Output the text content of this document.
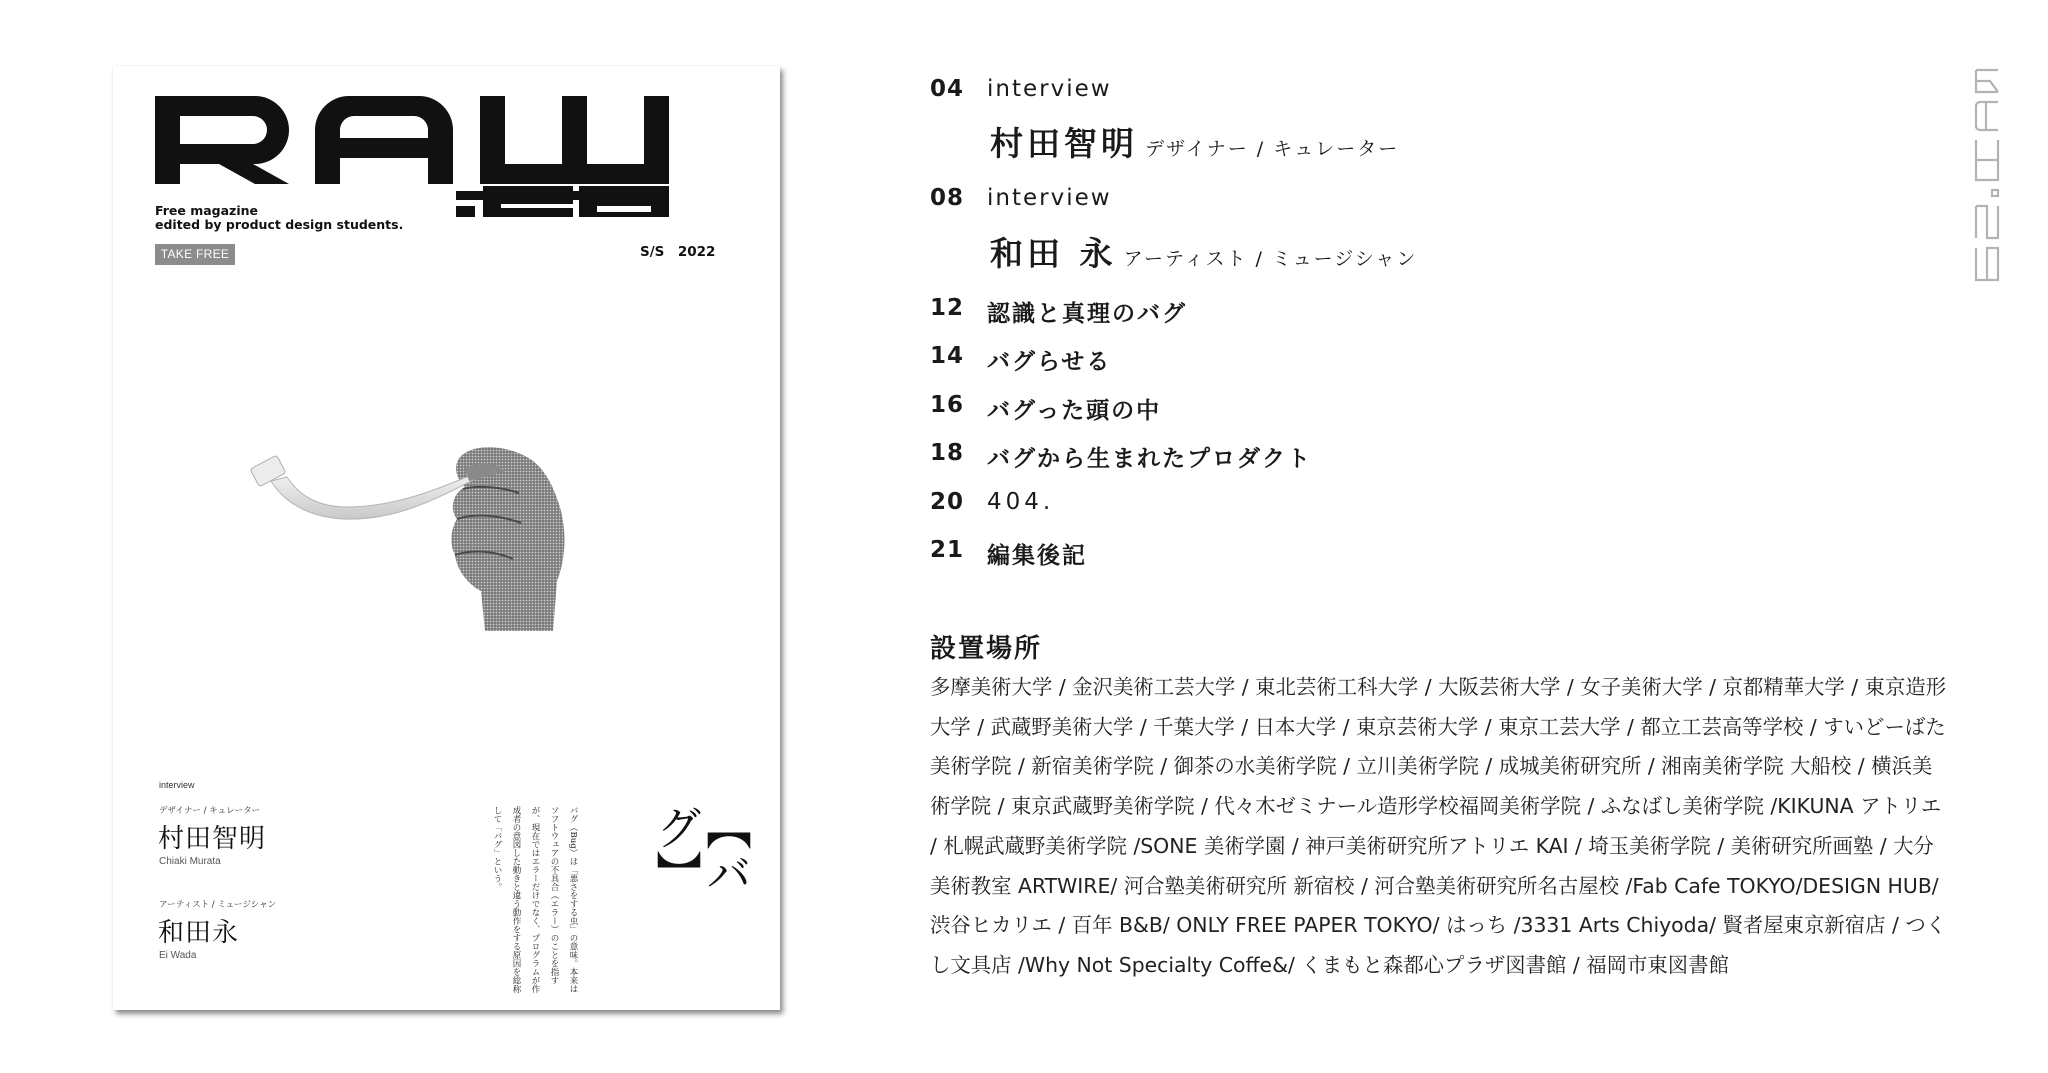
Free magazine
edited by product design students.
TAKE FREE	S/S　2022
interview
デザイナー / キュレーター
村田智明
Chiaki Murata
アーティスト / ミュージシャン
和田永
Ei Wada	バグ（Bug）は「悪さをする虫」の意味。本来はソフトウェアの不具合（エラー）のことを指すが、現在ではエラーだけでなく、プログラムが作成者の意図した動きと違う動作をする原因を総称して「バグ」という。	【バグ】
04 interview
村田智明 デザイナー / キュレーター
08 interview
和田 永 アーティスト / ミュージシャン
12 認識と真理のバグ
14 バグらせる
16 バグった頭の中
18 バグから生まれたプロダクト
20 404.
21 編集後記
設置場所

多摩美術大学 / 金沢美術工芸大学 / 東北芸術工科大学 / 大阪芸術大学 / 女子美術大学 / 京都精華大学 / 東京造形大学 / 武蔵野美術大学 / 千葉大学 / 日本大学 / 東京芸術大学 / 東京工芸大学 / 都立工芸高等学校 / すいどーばた美術学院 / 新宿美術学院 / 御茶の水美術学院 / 立川美術学院 / 成城美術研究所 / 湘南美術学院 大船校 / 横浜美術学院 / 東京武蔵野美術学院 / 代々木ゼミナール造形学校福岡美術学院 / ふなばし美術学院 /KIKUNA アトリエ / 札幌武蔵野美術学院 /SONE 美術学園 / 神戸美術研究所アトリエ KAI / 埼玉美術学院 / 美術研究所画塾 / 大分美術教室 ARTWIRE/ 河合塾美術研究所 新宿校 / 河合塾美術研究所名古屋校 /Fab Cafe TOKYO/DESIGN HUB/ 渋谷ヒカリエ / 百年 B&B/ ONLY FREE PAPER TOKYO/ はっち /3331 Arts Chiyoda/ 賢者屋東京新宿店 / つくし文具店 /Why Not Specialty Coffe&/ くまもと森都心プラザ図書館 / 福岡市東図書館
